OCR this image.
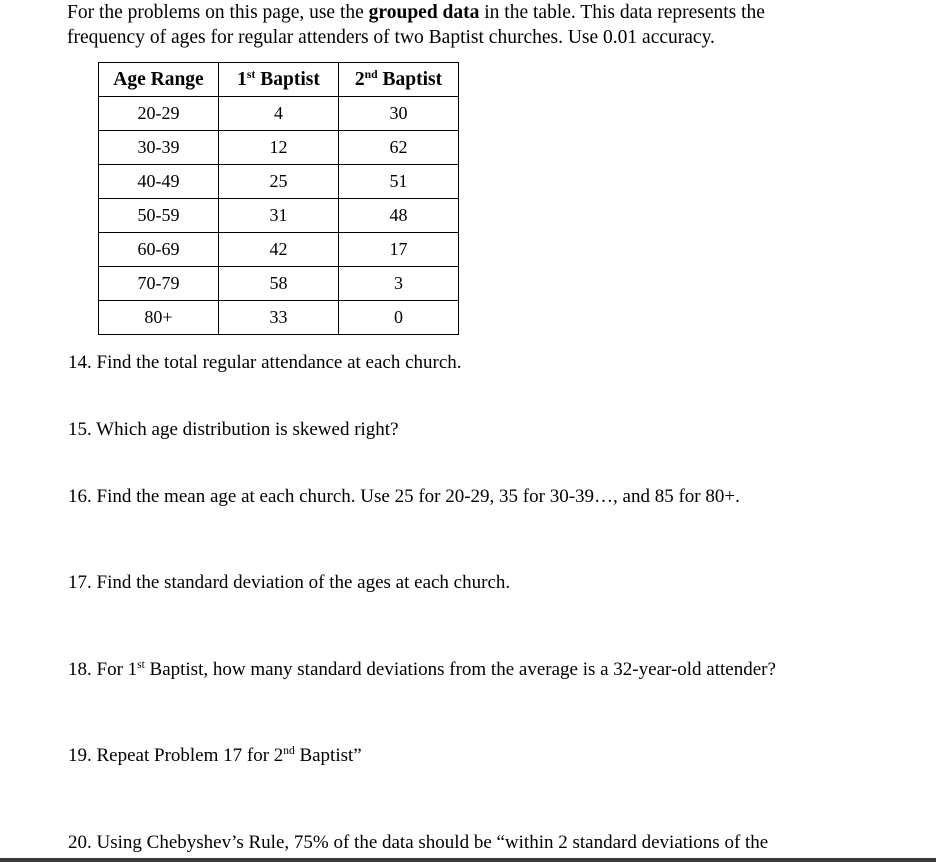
For the problems on this page, use the grouped data in the table. This data represents the
frequency of ages for regular attenders of two Baptist churches. Use 0.01 accuracy.
Age Range	1st Baptist	2nd Baptist
20-29	4	30
30-39	12	62
40-49	25	51
50-59	31	48
60-69	42	17
70-79	58	3
80+	33	0
14. Find the total regular attendance at each church.
15. Which age distribution is skewed right?
16. Find the mean age at each church. Use 25 for 20-29, 35 for 30-39…, and 85 for 80+.
17. Find the standard deviation of the ages at each church.
18. For 1st Baptist, how many standard deviations from the average is a 32-year-old attender?
19. Repeat Problem 17 for 2nd Baptist”
20. Using Chebyshev’s Rule, 75% of the data should be “within 2 standard deviations of the
